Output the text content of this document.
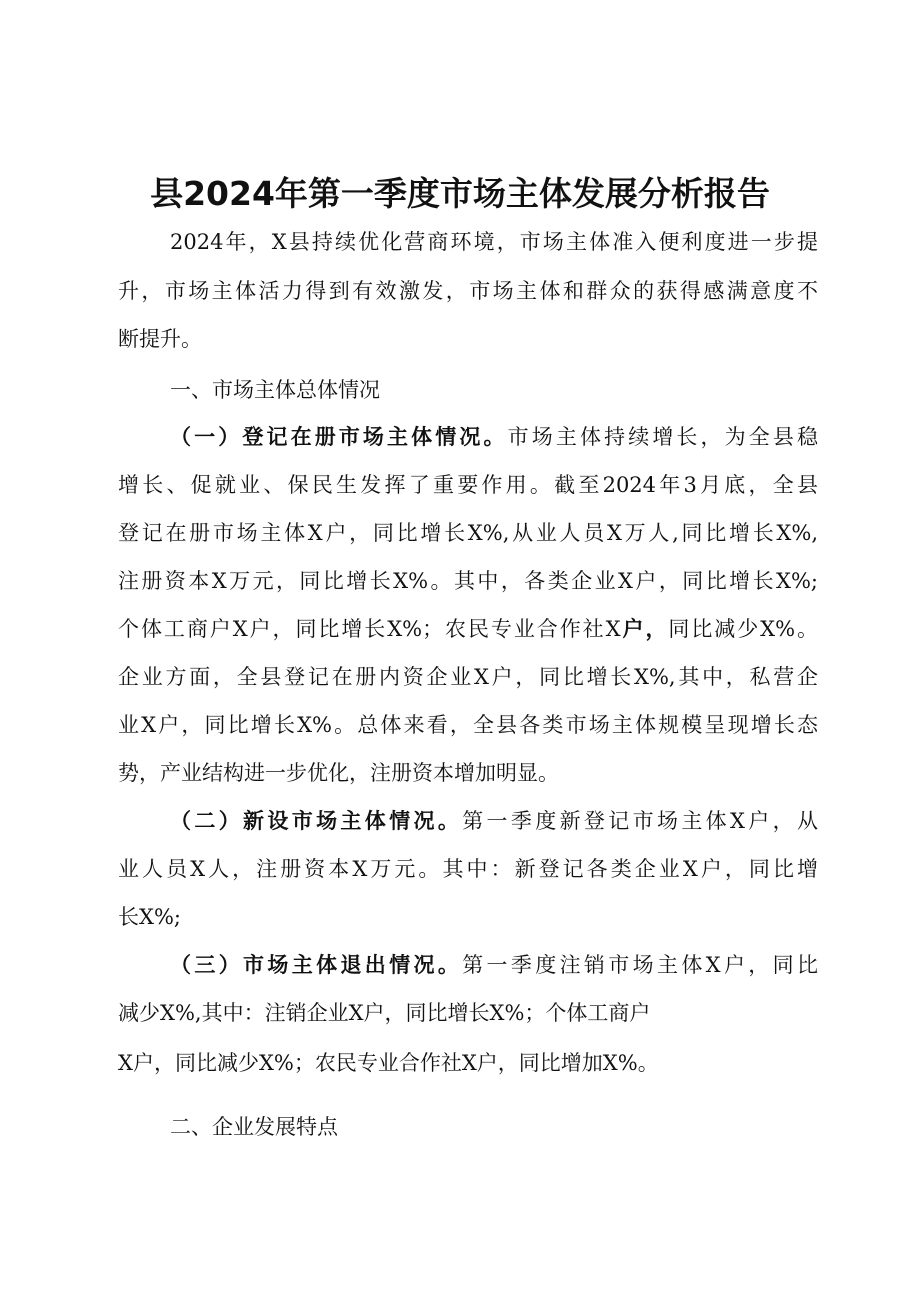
县2024年第一季度市场主体发展分析报告
2024年，X县持续优化营商环境，市场主体准入便利度进一步提
升，市场主体活力得到有效激发，市场主体和群众的获得感满意度不
断提升。
一、市场主体总体情况
（一）登记在册市场主体情况。市场主体持续增长，为全县稳
增长、促就业、保民生发挥了重要作用。截至2024年3月底，全县
登记在册市场主体X户，同比增长X%,从业人员X万人,同比增长X%,
注册资本X万元，同比增长X%。其中，各类企业X户，同比增长X%;
个体工商户X户，同比增长X%；农民专业合作社X户，同比减少X%。
企业方面，全县登记在册内资企业X户，同比增长X%,其中，私营企
业X户，同比增长X%。总体来看，全县各类市场主体规模呈现增长态
势，产业结构进一步优化，注册资本增加明显。
（二）新设市场主体情况。第一季度新登记市场主体X户，从
业人员X人，注册资本X万元。其中：新登记各类企业X户，同比增
长X%;
（三）市场主体退出情况。第一季度注销市场主体X户，同比
减少X%,其中：注销企业X户，同比增长X%；个体工商户
X户，同比减少X%；农民专业合作社X户，同比增加X%。
二、企业发展特点
